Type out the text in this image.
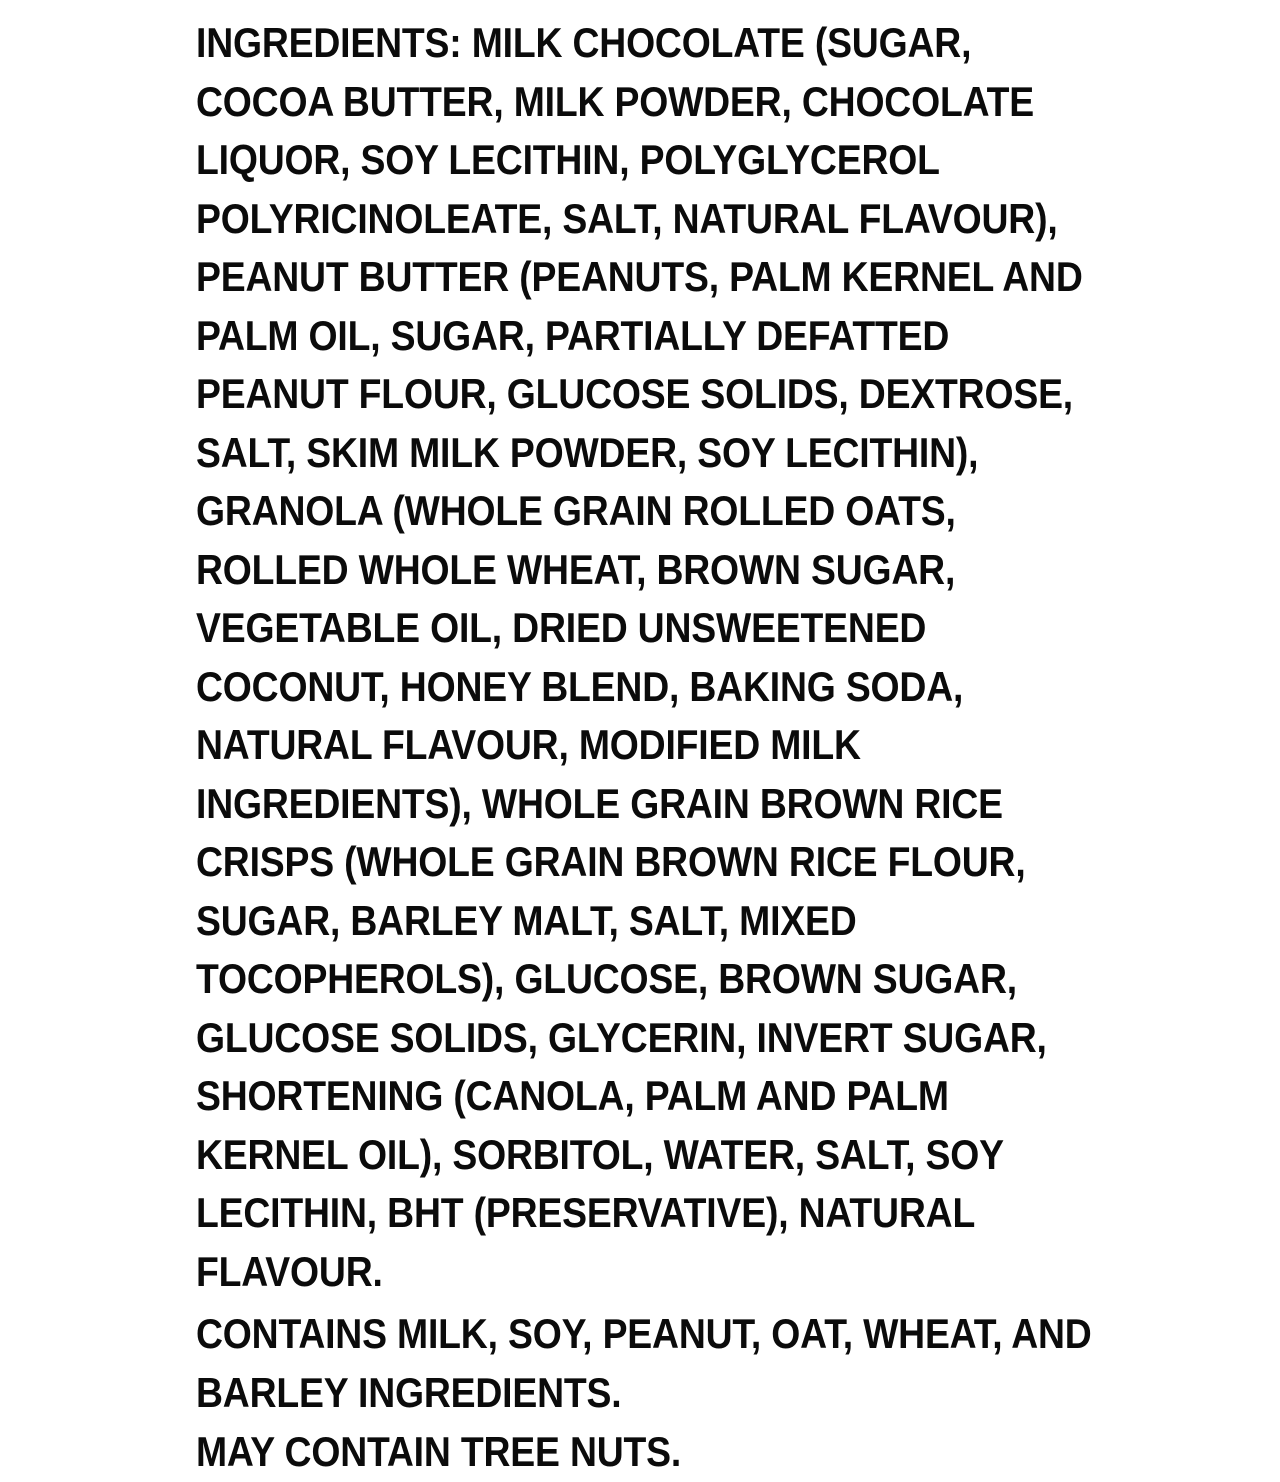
INGREDIENTS: MILK CHOCOLATE (SUGAR, COCOA BUTTER, MILK POWDER, CHOCOLATE LIQUOR, SOY LECITHIN, POLYGLYCEROL POLYRICINOLEATE, SALT, NATURAL FLAVOUR), PEANUT BUTTER (PEANUTS, PALM KERNEL AND PALM OIL, SUGAR, PARTIALLY DEFATTED PEANUT FLOUR, GLUCOSE SOLIDS, DEXTROSE, SALT, SKIM MILK POWDER, SOY LECITHIN), GRANOLA (WHOLE GRAIN ROLLED OATS, ROLLED WHOLE WHEAT, BROWN SUGAR, VEGETABLE OIL, DRIED UNSWEETENED COCONUT, HONEY BLEND, BAKING SODA, NATURAL FLAVOUR, MODIFIED MILK INGREDIENTS), WHOLE GRAIN BROWN RICE CRISPS (WHOLE GRAIN BROWN RICE FLOUR, SUGAR, BARLEY MALT, SALT, MIXED TOCOPHEROLS), GLUCOSE, BROWN SUGAR, GLUCOSE SOLIDS, GLYCERIN, INVERT SUGAR, SHORTENING (CANOLA, PALM AND PALM KERNEL OIL), SORBITOL, WATER, SALT, SOY LECITHIN, BHT (PRESERVATIVE), NATURAL FLAVOUR.

CONTAINS MILK, SOY, PEANUT, OAT, WHEAT, AND BARLEY INGREDIENTS.

MAY CONTAIN TREE NUTS.
